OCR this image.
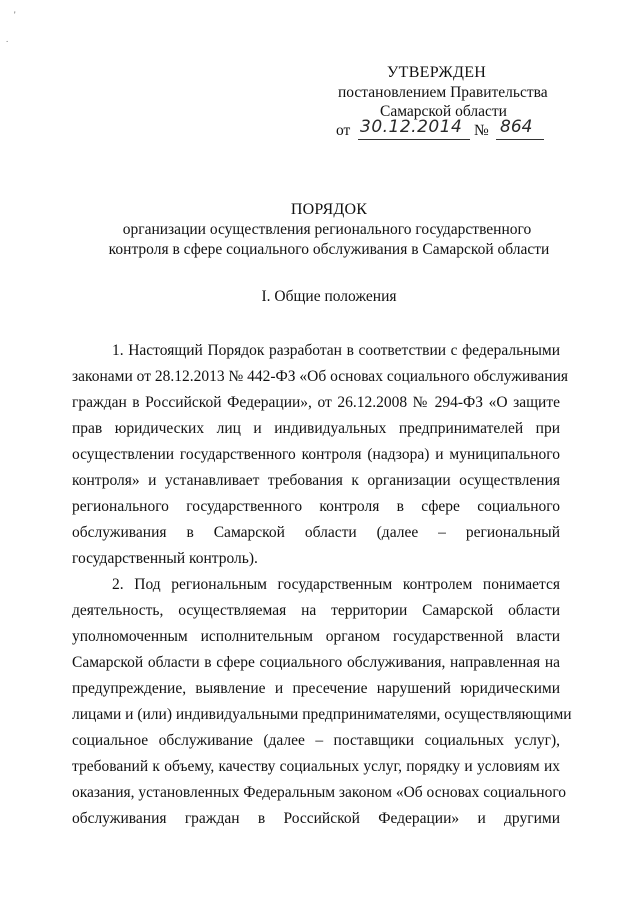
'
.
УТВЕРЖДЕН
постановлением Правительства
Самарской области
от 30.12.2014 № 864
ПОРЯДОК
организации осуществления регионального государственного
контроля в сфере социального обслуживания в Самарской области
I. Общие положения
1. Настоящий Порядок разработан в соответствии с федеральными
законами от 28.12.2013 № 442-ФЗ «Об основах социального обслуживания
граждан в Российской Федерации», от 26.12.2008 № 294-ФЗ «О защите
прав юридических лиц и индивидуальных предпринимателей при
осуществлении государственного контроля (надзора) и муниципального
контроля» и устанавливает требования к организации осуществления
регионального государственного контроля в сфере социального
обслуживания в Самарской области (далее – региональный
государственный контроль).
2. Под региональным государственным контролем понимается
деятельность, осуществляемая на территории Самарской области
уполномоченным исполнительным органом государственной власти
Самарской области в сфере социального обслуживания, направленная на
предупреждение, выявление и пресечение нарушений юридическими
лицами и (или) индивидуальными предпринимателями, осуществляющими
социальное обслуживание (далее – поставщики социальных услуг),
требований к объему, качеству социальных услуг, порядку и условиям их
оказания, установленных Федеральным законом «Об основах социального
обслуживания граждан в Российской Федерации» и другими
